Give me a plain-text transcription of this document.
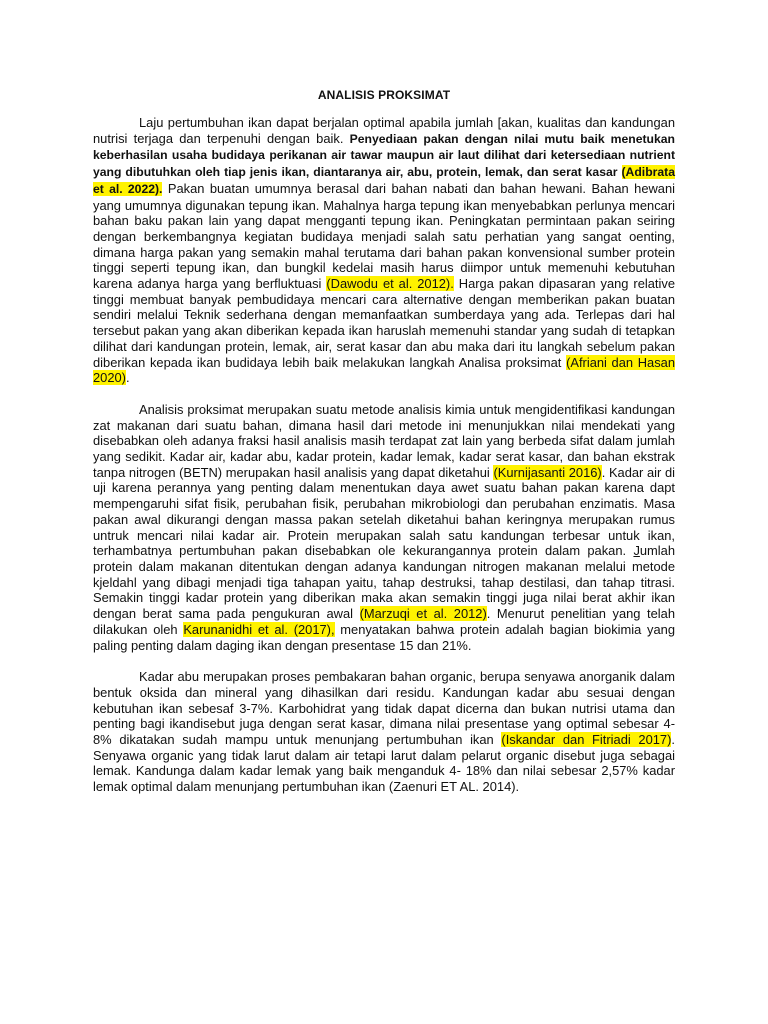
ANALISIS PROKSIMAT

Laju pertumbuhan ikan dapat berjalan optimal apabila jumlah [akan, kualitas dan kandungan nutrisi terjaga dan terpenuhi dengan baik. Penyediaan pakan dengan nilai mutu baik menetukan keberhasilan usaha budidaya perikanan air tawar maupun air laut dilihat dari ketersediaan nutrient yang dibutuhkan oleh tiap jenis ikan, diantaranya air, abu, protein, lemak, dan serat kasar (Adibrata et al. 2022). Pakan buatan umumnya berasal dari bahan nabati dan bahan hewani. Bahan hewani yang umumnya digunakan tepung ikan. Mahalnya harga tepung ikan menyebabkan perlunya mencari bahan baku pakan lain yang dapat mengganti tepung ikan. Peningkatan permintaan pakan seiring dengan berkembangnya kegiatan budidaya menjadi salah satu perhatian yang sangat oenting, dimana harga pakan yang semakin mahal terutama dari bahan pakan konvensional sumber protein tinggi seperti tepung ikan, dan bungkil kedelai masih harus diimpor untuk memenuhi kebutuhan karena adanya harga yang berfluktuasi (Dawodu et al. 2012). Harga pakan dipasaran yang relative tinggi membuat banyak pembudidaya mencari cara alternative dengan memberikan pakan buatan sendiri melalui Teknik sederhana dengan memanfaatkan sumberdaya yang ada. Terlepas dari hal tersebut pakan yang akan diberikan kepada ikan haruslah memenuhi standar yang sudah di tetapkan dilihat dari kandungan protein, lemak, air, serat kasar dan abu maka dari itu langkah sebelum pakan diberikan kepada ikan budidaya lebih baik melakukan langkah Analisa proksimat (Afriani dan Hasan 2020).

Analisis proksimat merupakan suatu metode analisis kimia untuk mengidentifikasi kandungan zat makanan dari suatu bahan, dimana hasil dari metode ini menunjukkan nilai mendekati yang disebabkan oleh adanya fraksi hasil analisis masih terdapat zat lain yang berbeda sifat dalam jumlah yang sedikit. Kadar air, kadar abu, kadar protein, kadar lemak, kadar serat kasar, dan bahan ekstrak tanpa nitrogen (BETN) merupakan hasil analisis yang dapat diketahui (Kurnijasanti 2016). Kadar air di uji karena perannya yang penting dalam menentukan daya awet suatu bahan pakan karena dapt mempengaruhi sifat fisik, perubahan fisik, perubahan mikrobiologi dan perubahan enzimatis. Masa pakan awal dikurangi dengan massa pakan setelah diketahui bahan keringnya merupakan rumus untruk mencari nilai kadar air. Protein merupakan salah satu kandungan terbesar untuk ikan, terhambatnya pertumbuhan pakan disebabkan ole kekurangannya protein dalam pakan. Jumlah protein dalam makanan ditentukan dengan adanya kandungan nitrogen makanan melalui metode kjeldahl yang dibagi menjadi tiga tahapan yaitu, tahap destruksi, tahap destilasi, dan tahap titrasi. Semakin tinggi kadar protein yang diberikan maka akan semakin tinggi juga nilai berat akhir ikan dengan berat sama pada pengukuran awal (Marzuqi et al. 2012). Menurut penelitian yang telah dilakukan oleh Karunanidhi et al. (2017), menyatakan bahwa protein adalah bagian biokimia yang paling penting dalam daging ikan dengan presentase 15 dan 21%.

Kadar abu merupakan proses pembakaran bahan organic, berupa senyawa anorganik dalam bentuk oksida dan mineral yang dihasilkan dari residu. Kandungan kadar abu sesuai dengan kebutuhan ikan sebesaf 3-7%. Karbohidrat yang tidak dapat dicerna dan bukan nutrisi utama dan penting bagi ikandisebut juga dengan serat kasar, dimana nilai presentase yang optimal sebesar 4-8% dikatakan sudah mampu untuk menunjang pertumbuhan ikan (Iskandar dan Fitriadi 2017). Senyawa organic yang tidak larut dalam air tetapi larut dalam pelarut organic disebut juga sebagai lemak. Kandunga dalam kadar lemak yang baik menganduk 4- 18% dan nilai sebesar 2,57% kadar lemak optimal dalam menunjang pertumbuhan ikan (Zaenuri ET AL. 2014).
